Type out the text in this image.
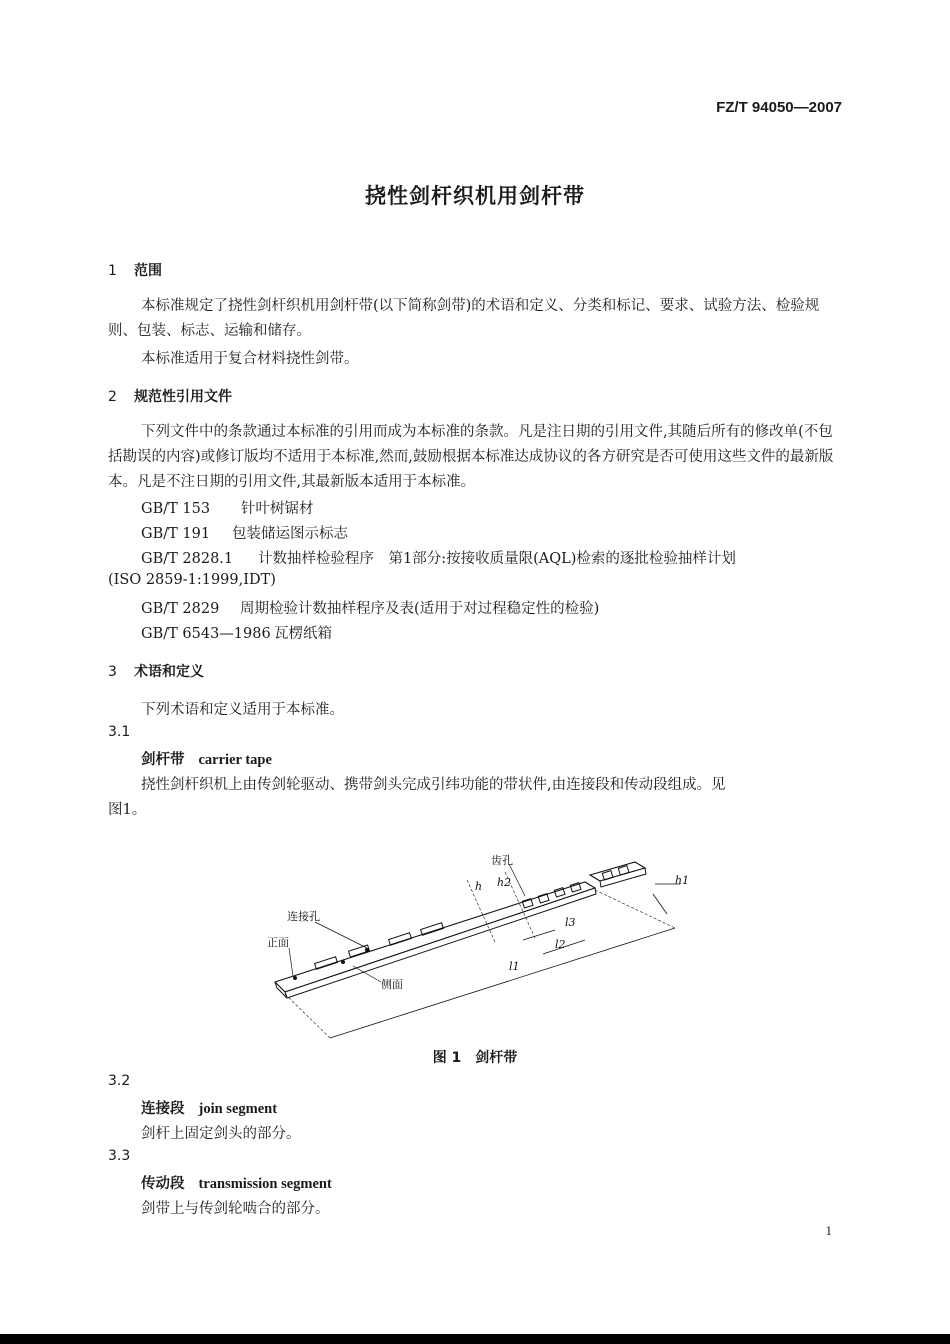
FZ/T 94050—2007
挠性剑杆织机用剑杆带
1 范围
本标准规定了挠性剑杆织机用剑杆带(以下简称剑带)的术语和定义、分类和标记、要求、试验方法、检验规则、包装、标志、运输和储存。
本标准适用于复合材料挠性剑带。
2 规范性引用文件
下列文件中的条款通过本标准的引用而成为本标准的条款。凡是注日期的引用文件,其随后所有的修改单(不包括勘误的内容)或修订版均不适用于本标准,然而,鼓励根据本标准达成协议的各方研究是否可使用这些文件的最新版本。凡是不注日期的引用文件,其最新版本适用于本标准。
GB/T 153 针叶树锯材
GB/T 191 包装储运图示标志
GB/T 2828.1 计数抽样检验程序　第1部分:按接收质量限(AQL)检索的逐批检验抽样计划
(ISO 2859-1:1999,IDT)
GB/T 2829 周期检验计数抽样程序及表(适用于对过程稳定性的检验)
GB/T 6543—1986 瓦楞纸箱
3 术语和定义
下列术语和定义适用于本标准。
3.1
剑杆带 carrier tape
挠性剑杆织机上由传剑轮驱动、携带剑头完成引纬功能的带状件,由连接段和传动段组成。见
图1。
齿孔
连接孔
正面
侧面
h1
h h2
l1
l2
l3
图 1　剑杆带
3.2
连接段 join segment
剑杆上固定剑头的部分。
3.3
传动段 transmission segment
剑带上与传剑轮啮合的部分。
1
